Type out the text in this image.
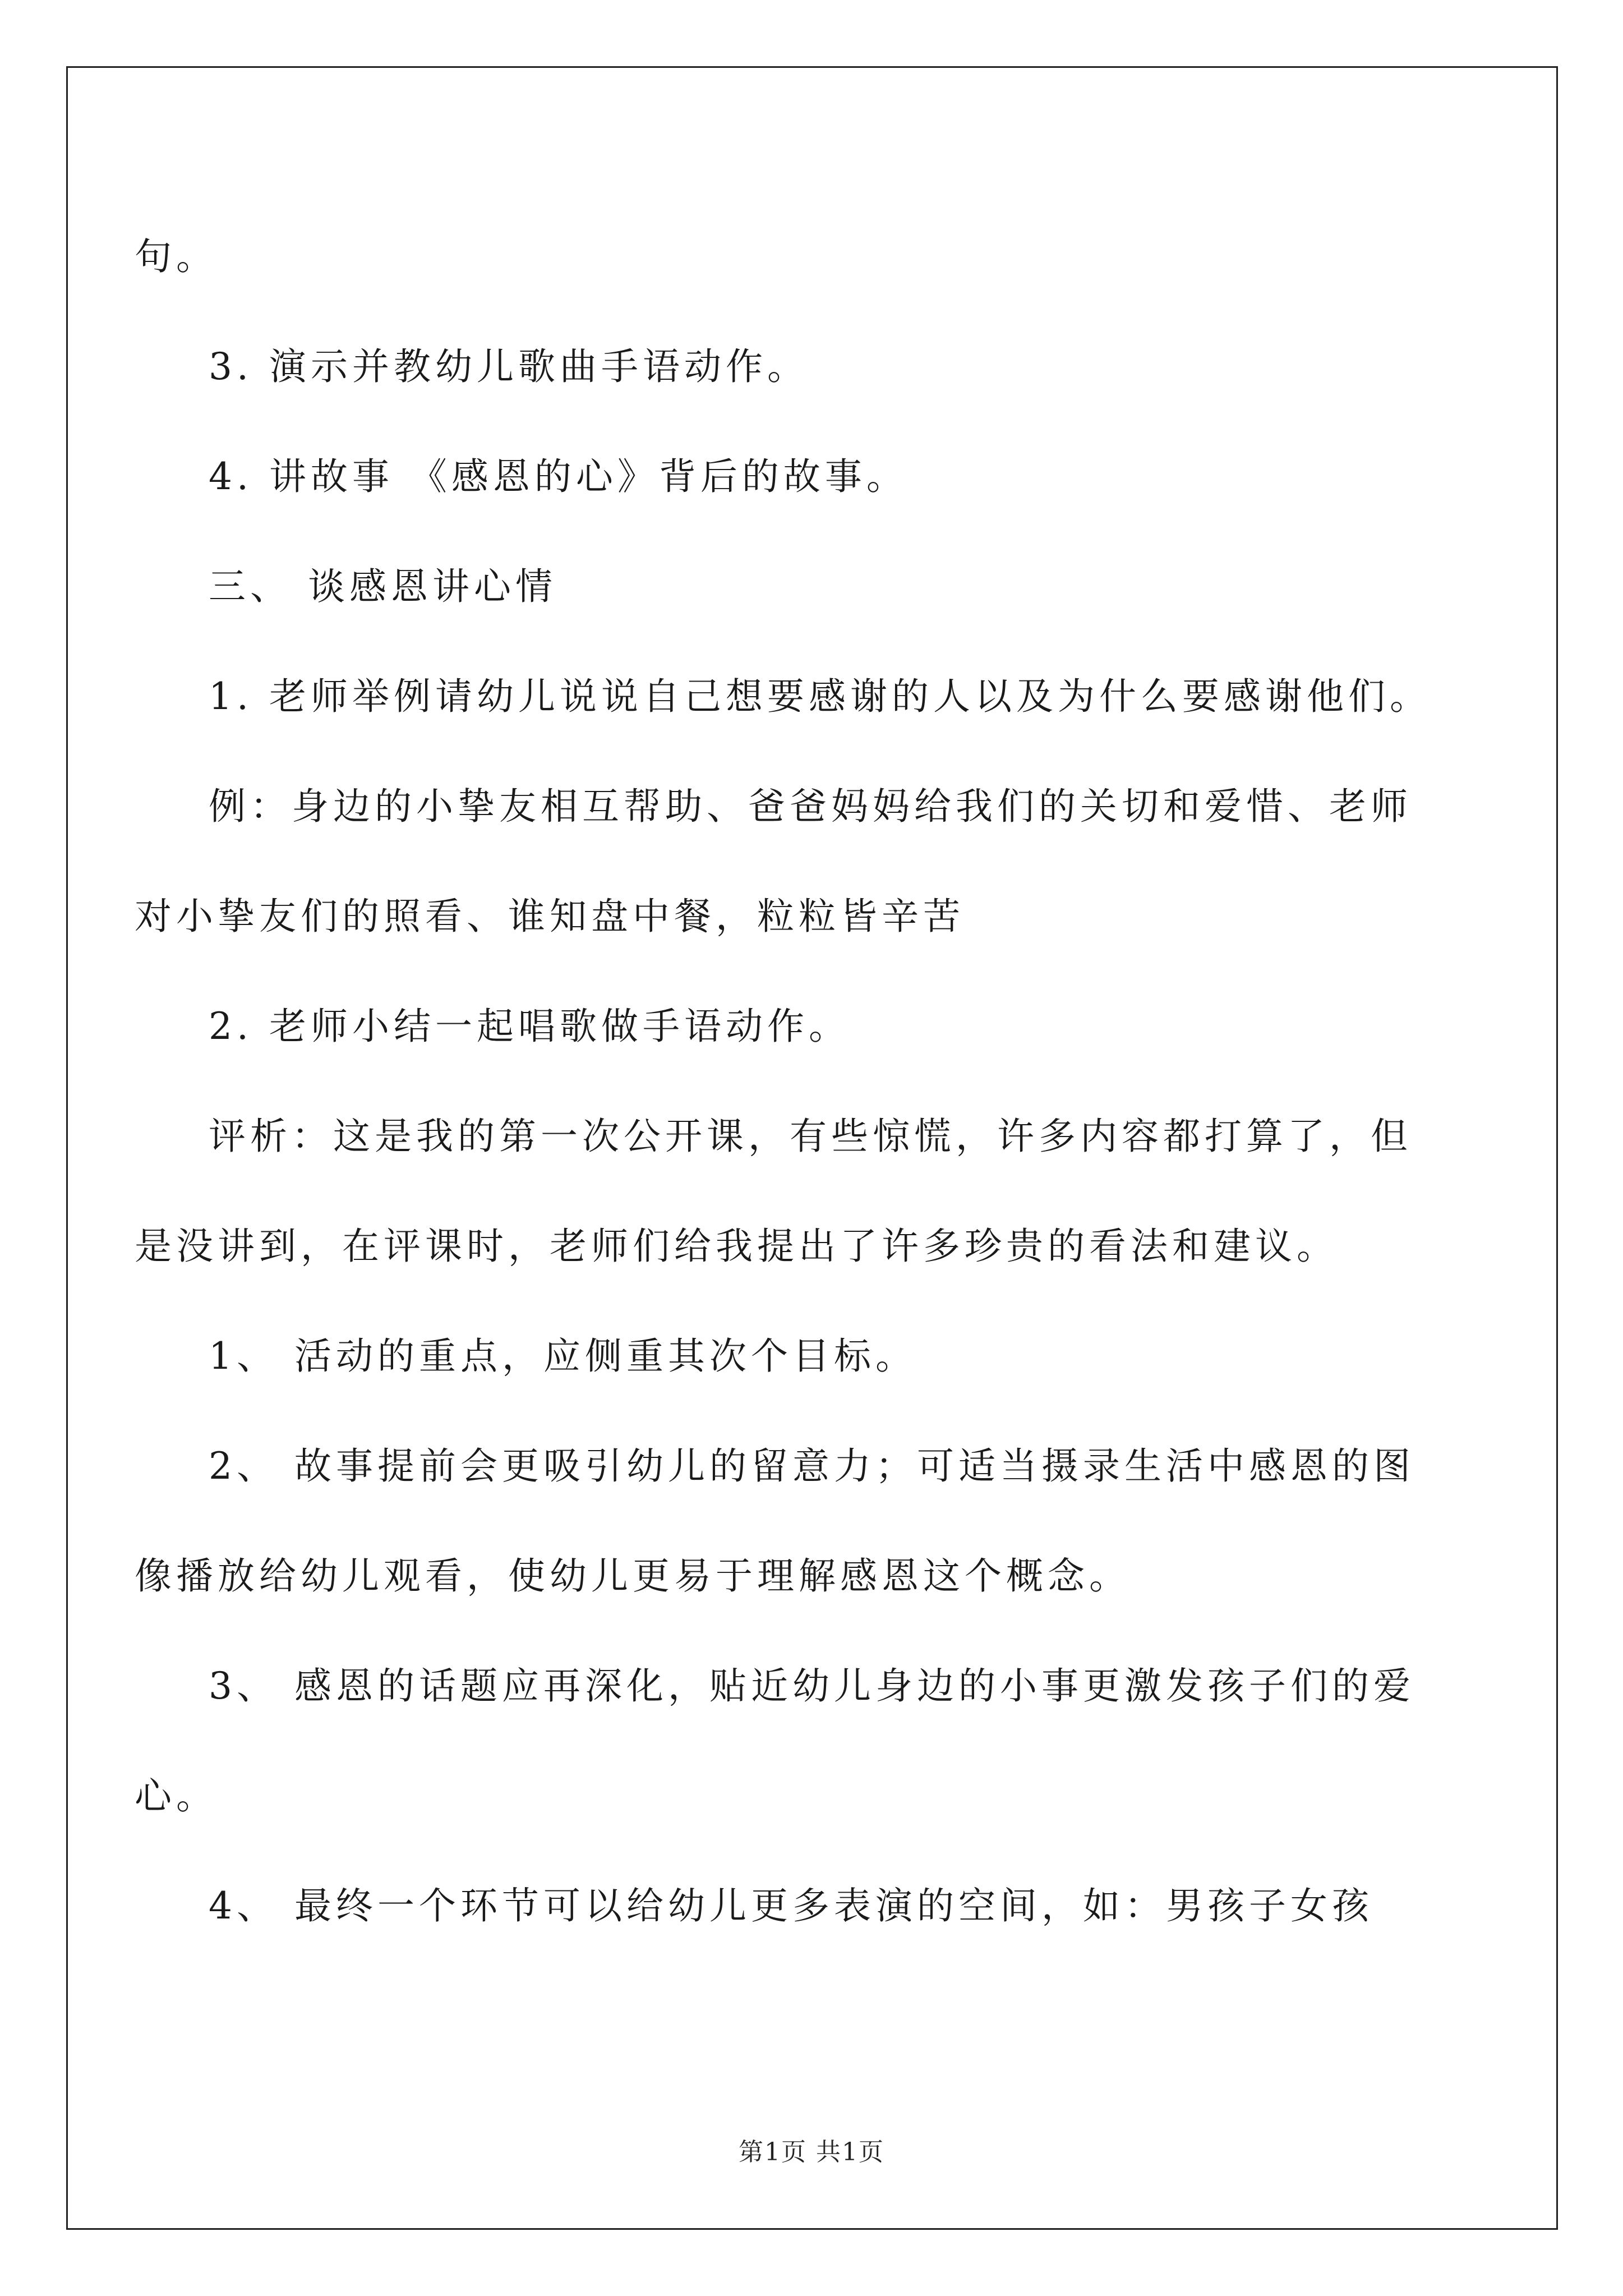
句。

3. 演示并教幼儿歌曲手语动作。

4. 讲故事 《感恩的心》背后的故事。

三、 谈感恩讲心情

1. 老师举例请幼儿说说自己想要感谢的人以及为什么要感谢他们。

例：身边的小挚友相互帮助、爸爸妈妈给我们的关切和爱惜、老师对小挚友们的照看、谁知盘中餐，粒粒皆辛苦

2. 老师小结一起唱歌做手语动作。

评析：这是我的第一次公开课，有些惊慌，许多内容都打算了，但是没讲到，在评课时，老师们给我提出了许多珍贵的看法和建议。

1、 活动的重点，应侧重其次个目标。

2、 故事提前会更吸引幼儿的留意力；可适当摄录生活中感恩的图像播放给幼儿观看，使幼儿更易于理解感恩这个概念。

3、 感恩的话题应再深化，贴近幼儿身边的小事更激发孩子们的爱心。

4、 最终一个环节可以给幼儿更多表演的空间，如：男孩子女孩

第1页 共1页
